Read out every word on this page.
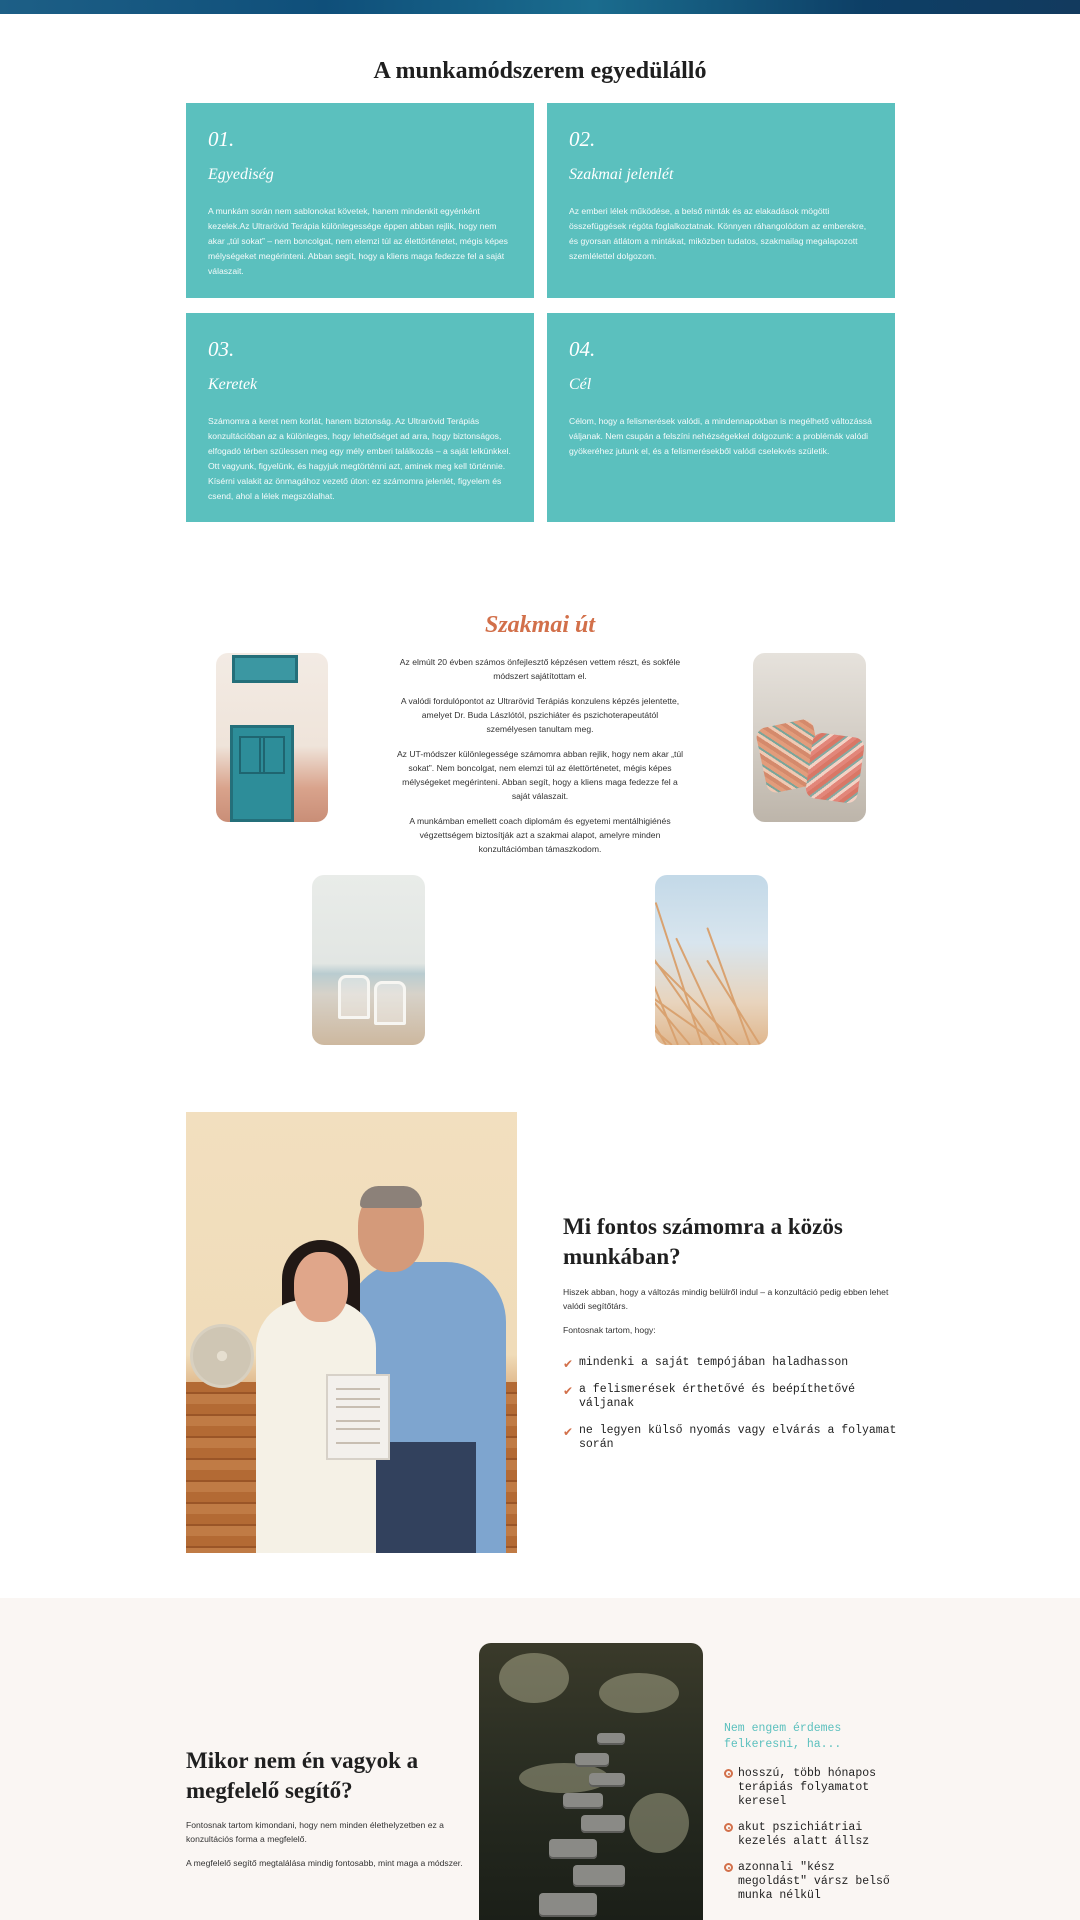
A munkamódszerem egyedülálló
01.
Egyediség
A munkám során nem sablonokat követek, hanem mindenkit egyénként kezelek.Az Ultrarövid Terápia különlegessége éppen abban rejlik, hogy nem akar „túl sokat” – nem boncolgat, nem elemzi túl az élettörténetet, mégis képes mélységeket megérinteni. Abban segít, hogy a kliens maga fedezze fel a saját válaszait.
02.
Szakmai jelenlét
Az emberi lélek működése, a belső minták és az elakadások mögötti összefüggések régóta foglalkoztatnak. Könnyen ráhangolódom az emberekre, és gyorsan átlátom a mintákat, miközben tudatos, szakmailag megalapozott szemlélettel dolgozom.
03.
Keretek
Számomra a keret nem korlát, hanem biztonság. Az Ultrarövid Terápiás konzultációban az a különleges, hogy lehetőséget ad arra, hogy biztonságos, elfogadó térben szülessen meg egy mély emberi találkozás – a saját lelkünkkel. Ott vagyunk, figyelünk, és hagyjuk megtörténni azt, aminek meg kell történnie. Kísérni valakit az önmagához vezető úton: ez számomra jelenlét, figyelem és csend, ahol a lélek megszólalhat.
04.
Cél
Célom, hogy a felismerések valódi, a mindennapokban is megélhető változássá váljanak. Nem csupán a felszíni nehézségekkel dolgozunk: a problémák valódi gyökeréhez jutunk el, és a felismerésekből valódi cselekvés születik.
Szakmai út

Az elmúlt 20 évben számos önfejlesztő képzésen vettem részt, és sokféle módszert sajátítottam el.

A valódi fordulópontot az Ultrarövid Terápiás konzulens képzés jelentette, amelyet Dr. Buda Lászlótól, pszichiáter és pszichoterapeutától személyesen tanultam meg.

Az UT-módszer különlegessége számomra abban rejlik, hogy nem akar „túl sokat”. Nem boncolgat, nem elemzi túl az élettörténetet, mégis képes mélységeket megérinteni. Abban segít, hogy a kliens maga fedezze fel a saját válaszait.

A munkámban emellett coach diplomám és egyetemi mentálhigiénés végzettségem biztosítják azt a szakmai alapot, amelyre minden konzultációmban támaszkodom.

Mi fontos számomra a közös munkában?

Hiszek abban, hogy a változás mindig belülről indul – a konzultáció pedig ebben lehet valódi segítőtárs.

Fontosnak tartom, hogy:

✔ mindenki a saját tempójában haladhasson
✔ a felismerések érthetővé és beépíthetővé váljanak
✔ ne legyen külső nyomás vagy elvárás a folyamat során
Mikor nem én vagyok a megfelelő segítő?

Fontosnak tartom kimondani, hogy nem minden élethelyzetben ez a konzultációs forma a megfelelő.

A megfelelő segítő megtalálása mindig fontosabb, mint maga a módszer.

Nem engem érdemes felkeresni, ha...
hosszú, több hónapos terápiás folyamatot keresel
akut pszichiátriai kezelés alatt állsz
azonnali "kész megoldást" vársz belső munka nélkül
